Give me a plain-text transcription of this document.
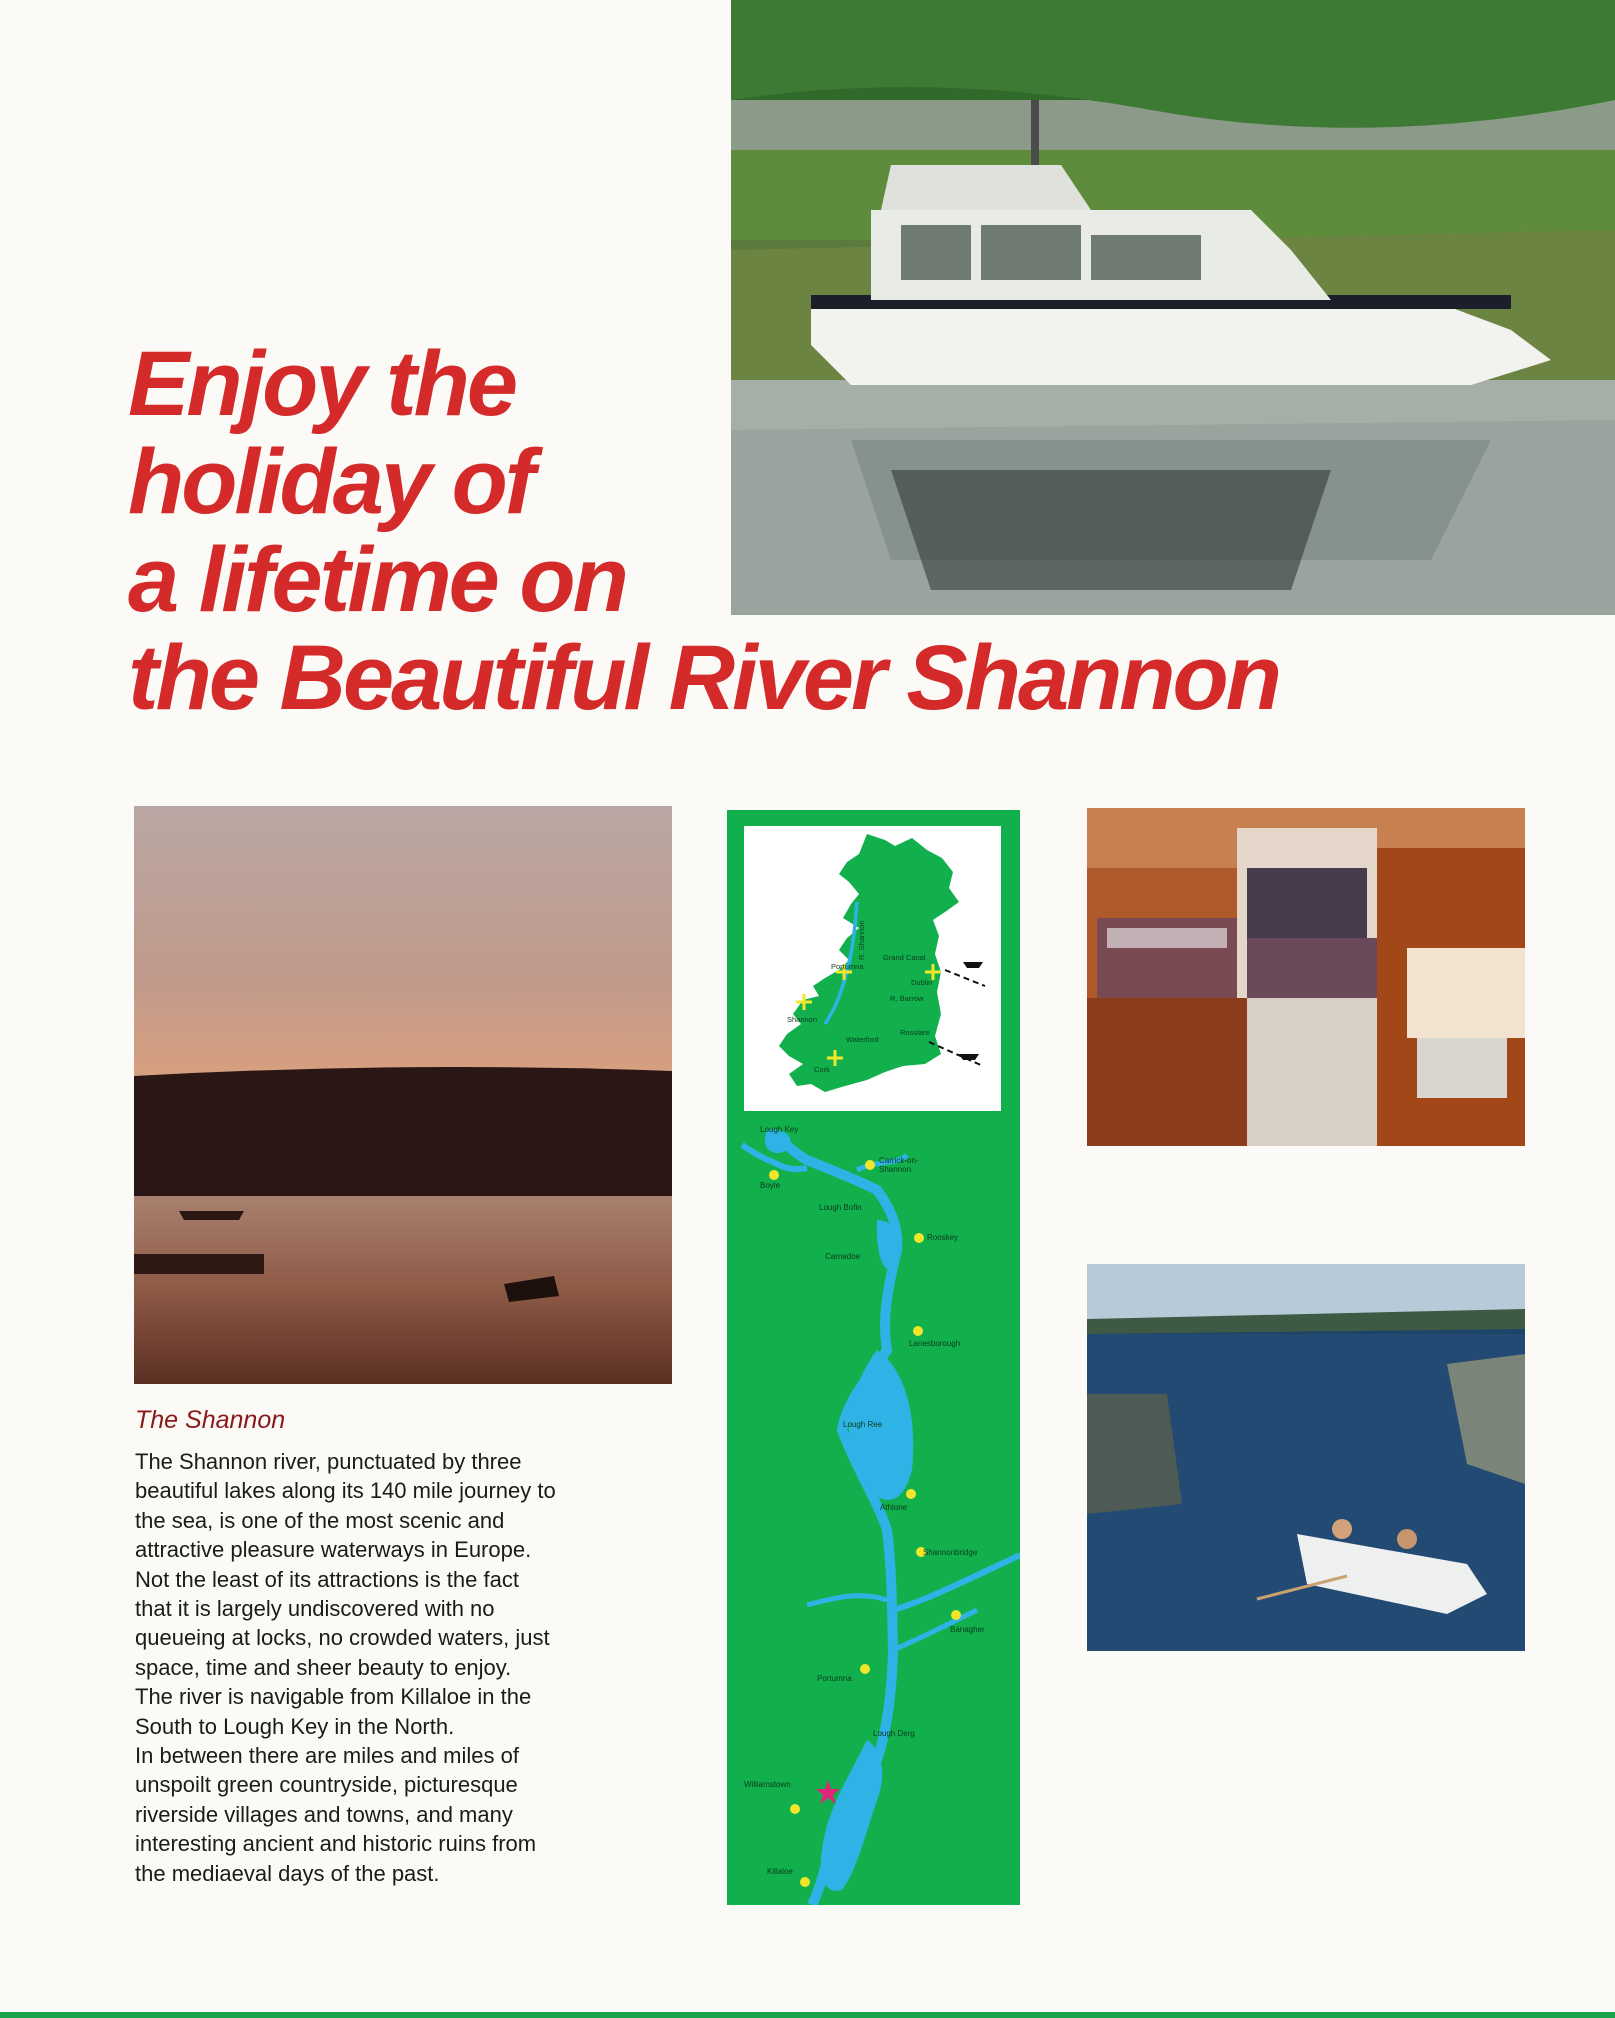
Enjoy the
holiday of
a lifetime on
the Beautiful River Shannon
The Shannon

The Shannon river, punctuated by three
beautiful lakes along its 140 mile journey to
the sea, is one of the most scenic and
attractive pleasure waterways in Europe.
Not the least of its attractions is the fact
that it is largely undiscovered with no
queueing at locks, no crowded waters, just
space, time and sheer beauty to enjoy.
The river is navigable from Killaloe in the
South to Lough Key in the North.
In between there are miles and miles of
unspoilt green countryside, picturesque
riverside villages and towns, and many
interesting ancient and historic ruins from
the mediaeval days of the past.

R. Shannon Grand Canal
Portumna
Dublin
R. Barrow
Shannon
Rosslare
Waterford
Cork
Lough Key
Boyle
Carrick-on-
Shannon
Lough Bofin
Rooskey
Carnadoe
Lanesborough
Lough Ree
Athlone
Shannonbridge
Banagher
Portumna
Lough Derg
Williamstown
Killaloe
